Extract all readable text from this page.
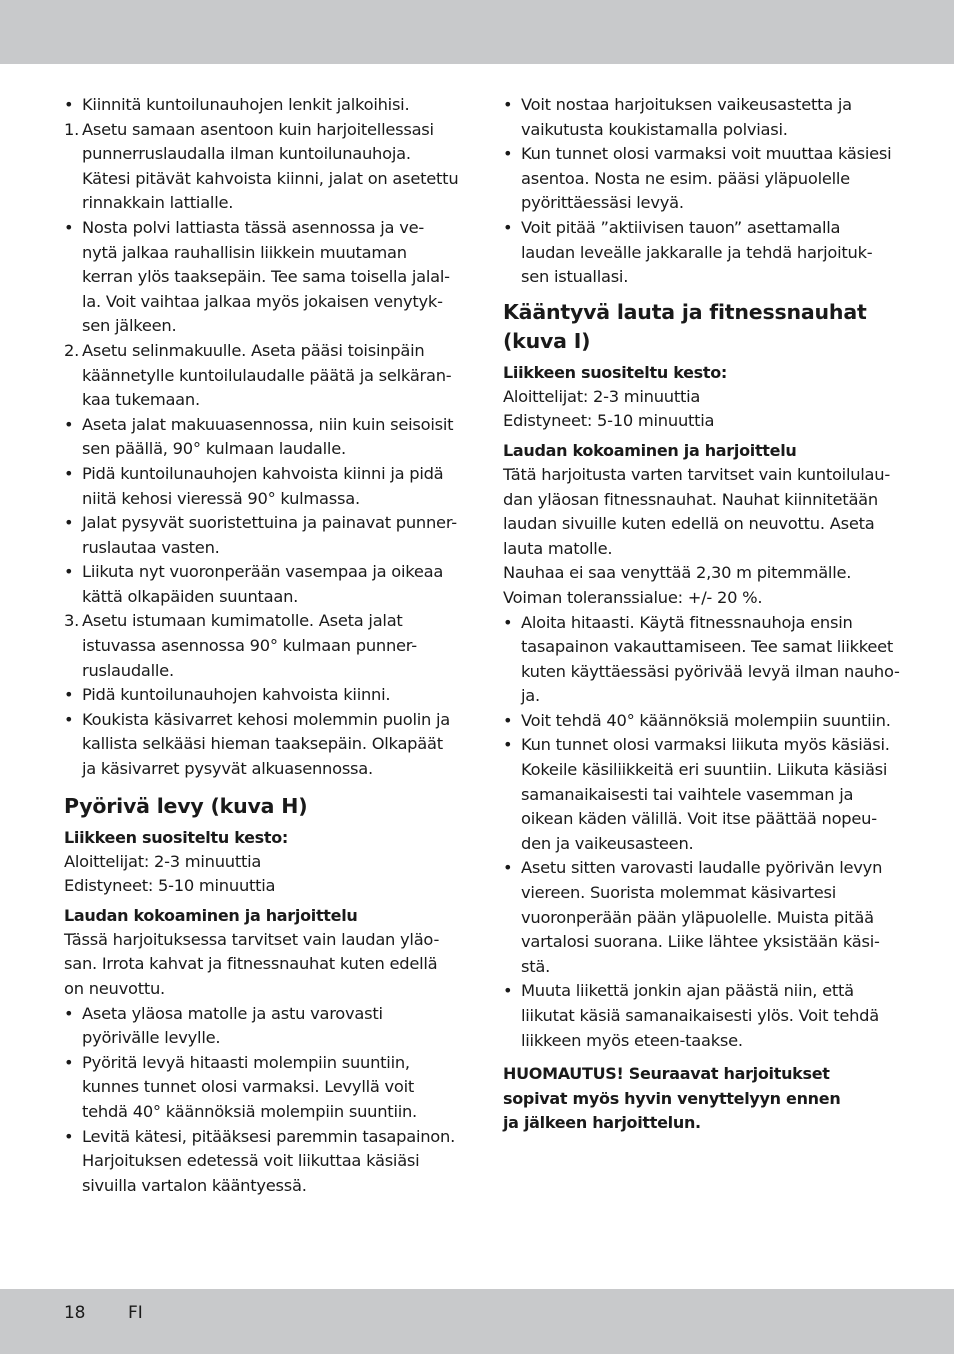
• Kiinnitä kuntoilunauhojen lenkit jalkoihisi.
1. Asetu samaan asentoon kuin harjoitellessasi
punnerruslaudalla ilman kuntoilunauhoja.
Kätesi pitävät kahvoista kiinni, jalat on asetettu
rinnakkain lattialle.
• Nosta polvi lattiasta tässä asennossa ja ve-
nytä jalkaa rauhallisin liikkein muutaman
kerran ylös taaksepäin. Tee sama toisella jalal-
la. Voit vaihtaa jalkaa myös jokaisen venytyk-
sen jälkeen.
2. Asetu selinmakuulle. Aseta pääsi toisinpäin
käännetylle kuntoilulaudalle päätä ja selkäran-
kaa tukemaan.
• Aseta jalat makuuasennossa, niin kuin seisoisit
sen päällä, 90° kulmaan laudalle.
• Pidä kuntoilunauhojen kahvoista kiinni ja pidä
niitä kehosi vieressä 90° kulmassa.
• Jalat pysyvät suoristettuina ja painavat punner-
ruslautaa vasten.
• Liikuta nyt vuoronperään vasempaa ja oikeaa
kättä olkapäiden suuntaan.
3. Asetu istumaan kumimatolle. Aseta jalat
istuvassa asennossa 90° kulmaan punner-
ruslaudalle.
• Pidä kuntoilunauhojen kahvoista kiinni.
• Koukista käsivarret kehosi molemmin puolin ja
kallista selkääsi hieman taaksepäin. Olkapäät
ja käsivarret pysyvät alkuasennossa.
Pyörivä levy (kuva H)
Liikkeen suositeltu kesto:
Aloittelijat: 2-3 minuuttia
Edistyneet: 5-10 minuuttia
Laudan kokoaminen ja harjoittelu
Tässä harjoituksessa tarvitset vain laudan yläo-
san. Irrota kahvat ja fitnessnauhat kuten edellä
on neuvottu.
• Aseta yläosa matolle ja astu varovasti
pyörivälle levylle.
• Pyöritä levyä hitaasti molempiin suuntiin,
kunnes tunnet olosi varmaksi. Levyllä voit
tehdä 40° käännöksiä molempiin suuntiin.
• Levitä kätesi, pitääksesi paremmin tasapainon.
Harjoituksen edetessä voit liikuttaa käsiäsi
sivuilla vartalon kääntyessä.
• Voit nostaa harjoituksen vaikeusastetta ja
vaikutusta koukistamalla polviasi.
• Kun tunnet olosi varmaksi voit muuttaa käsiesi
asentoa. Nosta ne esim. pääsi yläpuolelle
pyörittäessäsi levyä.
• Voit pitää ”aktiivisen tauon” asettamalla
laudan leveälle jakkaralle ja tehdä harjoituk-
sen istuallasi.
Kääntyvä lauta ja fitnessnauhat
(kuva I)
Liikkeen suositeltu kesto:
Aloittelijat: 2-3 minuuttia
Edistyneet: 5-10 minuuttia
Laudan kokoaminen ja harjoittelu
Tätä harjoitusta varten tarvitset vain kuntoilulau-
dan yläosan fitnessnauhat. Nauhat kiinnitetään
laudan sivuille kuten edellä on neuvottu. Aseta
lauta matolle.
Nauhaa ei saa venyttää 2,30 m pitemmälle.
Voiman toleranssialue: +/- 20 %.
• Aloita hitaasti. Käytä fitnessnauhoja ensin
tasapainon vakauttamiseen. Tee samat liikkeet
kuten käyttäessäsi pyörivää levyä ilman nauho-
ja.
• Voit tehdä 40° käännöksiä molempiin suuntiin.
• Kun tunnet olosi varmaksi liikuta myös käsiäsi.
Kokeile käsiliikkeitä eri suuntiin. Liikuta käsiäsi
samanaikaisesti tai vaihtele vasemman ja
oikean käden välillä. Voit itse päättää nopeu-
den ja vaikeusasteen.
• Asetu sitten varovasti laudalle pyörivän levyn
viereen. Suorista molemmat käsivartesi
vuoronperään pään yläpuolelle. Muista pitää
vartalosi suorana. Liike lähtee yksistään käsi-
stä.
• Muuta liikettä jonkin ajan päästä niin, että
liikutat käsiä samanaikaisesti ylös. Voit tehdä
liikkeen myös eteen-taakse.
HUOMAUTUS! Seuraavat harjoitukset
sopivat myös hyvin venyttelyyn ennen
ja jälkeen harjoittelun.
18	FI
